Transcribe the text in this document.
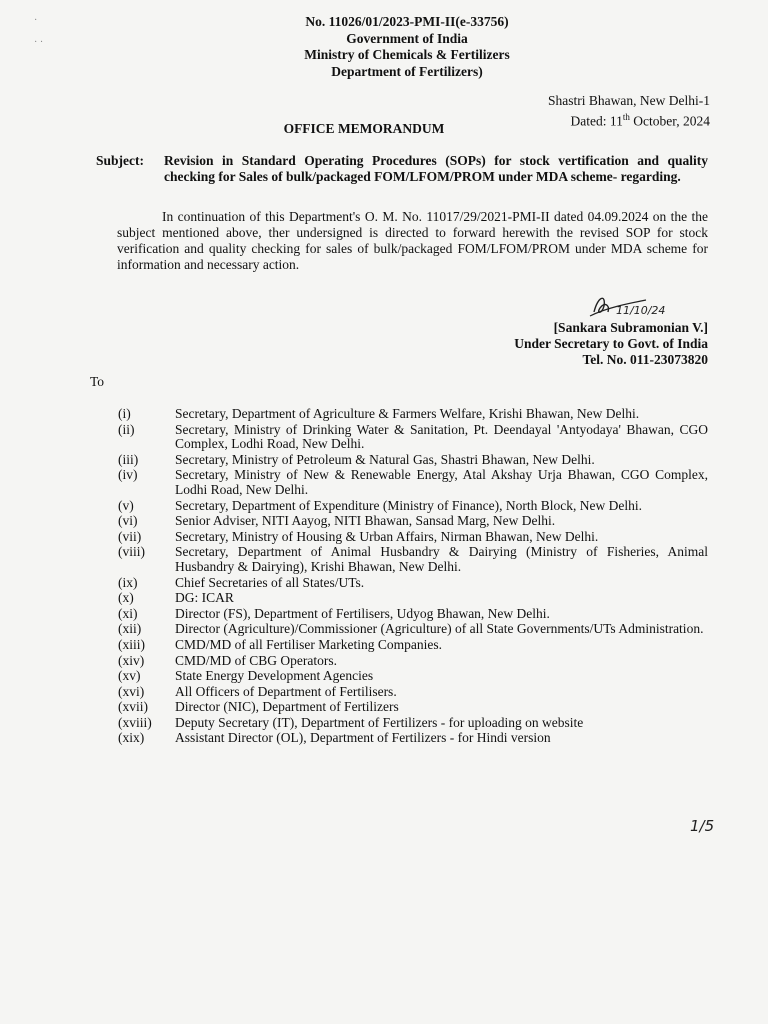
·
· ·
No. 11026/01/2023-PMI-II(e-33756)
Government of India
Ministry of Chemicals & Fertilizers
Department of Fertilizers)
Shastri Bhawan, New Delhi-1
Dated: 11th October, 2024
OFFICE MEMORANDUM
Subject:	Revision in Standard Operating Procedures (SOPs) for stock vertification and quality checking for Sales of bulk/packaged FOM/LFOM/PROM under MDA scheme- regarding.
In continuation of this Department's O. M. No. 11017/29/2021-PMI-II dated 04.09.2024 on the the subject mentioned above, ther undersigned is directed to forward herewith the revised SOP for stock verification and quality checking for sales of bulk/packaged FOM/LFOM/PROM under MDA scheme for information and necessary action.
11/10/24
[Sankara Subramonian V.]
Under Secretary to Govt. of India
Tel. No. 011-23073820
To
(i)	Secretary, Department of Agriculture & Farmers Welfare, Krishi Bhawan, New Delhi.
(ii)	Secretary, Ministry of Drinking Water & Sanitation, Pt. Deendayal 'Antyodaya' Bhawan, CGO Complex, Lodhi Road, New Delhi.
(iii)	Secretary, Ministry of Petroleum & Natural Gas, Shastri Bhawan, New Delhi.
(iv)	Secretary, Ministry of New & Renewable Energy, Atal Akshay Urja Bhawan, CGO Complex, Lodhi Road, New Delhi.
(v)	Secretary, Department of Expenditure (Ministry of Finance), North Block, New Delhi.
(vi)	Senior Adviser, NITI Aayog, NITI Bhawan, Sansad Marg, New Delhi.
(vii)	Secretary, Ministry of Housing & Urban Affairs, Nirman Bhawan, New Delhi.
(viii)	Secretary, Department of Animal Husbandry & Dairying (Ministry of Fisheries, Animal Husbandry & Dairying), Krishi Bhawan, New Delhi.
(ix)	Chief Secretaries of all States/UTs.
(x)	DG: ICAR
(xi)	Director (FS), Department of Fertilisers, Udyog Bhawan, New Delhi.
(xii)	Director (Agriculture)/Commissioner (Agriculture) of all State Governments/UTs Administration.
(xiii)	CMD/MD of all Fertiliser Marketing Companies.
(xiv)	CMD/MD of CBG Operators.
(xv)	State Energy Development Agencies
(xvi)	All Officers of Department of Fertilisers.
(xvii)	Director (NIC), Department of Fertilizers
(xviii)	Deputy Secretary (IT), Department of Fertilizers - for uploading on website
(xix)	Assistant Director (OL), Department of Fertilizers - for Hindi version
1/5
